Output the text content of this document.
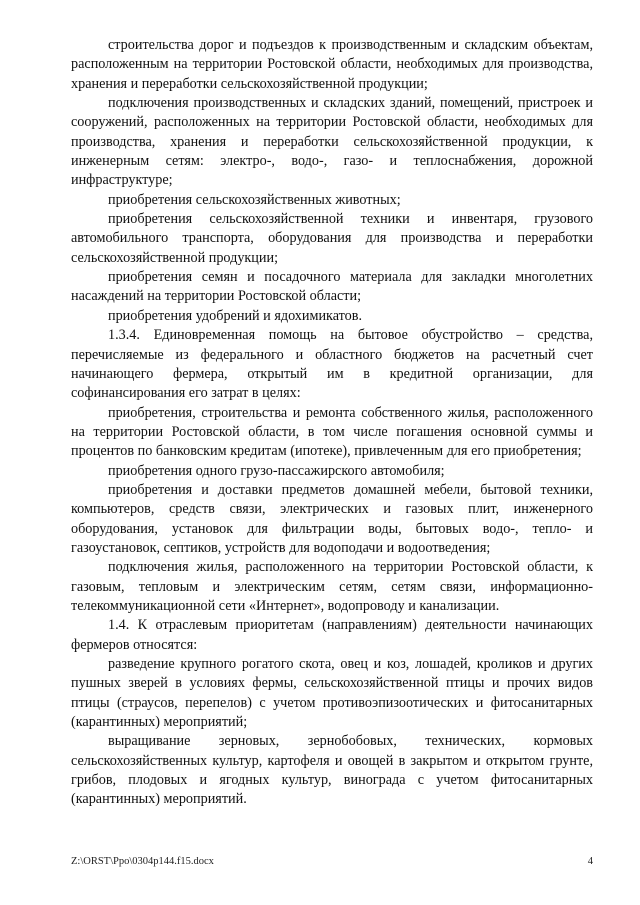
строительства дорог и подъездов к производственным и складским объектам, расположенным на территории Ростовской области, необходимых для производства, хранения и переработки сельскохозяйственной продукции;

подключения производственных и складских зданий, помещений, пристроек и сооружений, расположенных на территории Ростовской области, необходимых для производства, хранения и переработки сельскохозяйственной продукции, к инженерным сетям: электро-, водо-, газо- и теплоснабжения, дорожной инфраструктуре;

приобретения сельскохозяйственных животных;

приобретения сельскохозяйственной техники и инвентаря, грузового автомобильного транспорта, оборудования для производства и переработки сельскохозяйственной продукции;

приобретения семян и посадочного материала для закладки многолетних насаждений на территории Ростовской области;

приобретения удобрений и ядохимикатов.

1.3.4. Единовременная помощь на бытовое обустройство – средства, перечисляемые из федерального и областного бюджетов на расчетный счет начинающего фермера, открытый им в кредитной организации, для софинансирования его затрат в целях:

приобретения, строительства и ремонта собственного жилья, расположенного на территории Ростовской области, в том числе погашения основной суммы и процентов по банковским кредитам (ипотеке), привлеченным для его приобретения;

приобретения одного грузо-пассажирского автомобиля;

приобретения и доставки предметов домашней мебели, бытовой техники, компьютеров, средств связи, электрических и газовых плит, инженерного оборудования, установок для фильтрации воды, бытовых водо-, тепло- и газоустановок, септиков, устройств для водоподачи и водоотведения;

подключения жилья, расположенного на территории Ростовской области, к газовым, тепловым и электрическим сетям, сетям связи, информационно-телекоммуникационной сети «Интернет», водопроводу и канализации.

1.4. К отраслевым приоритетам (направлениям) деятельности начинающих фермеров относятся:

разведение крупного рогатого скота, овец и коз, лошадей, кроликов и других пушных зверей в условиях фермы, сельскохозяйственной птицы и прочих видов птицы (страусов, перепелов) с учетом противоэпизоотических и фитосанитарных (карантинных) мероприятий;

выращивание зерновых, зернобобовых, технических, кормовых сельскохозяйственных культур, картофеля и овощей в закрытом и открытом грунте, грибов, плодовых и ягодных культур, винограда с учетом фитосанитарных (карантинных) мероприятий.

Z:\ORST\Ppo\0304p144.f15.docx	4
